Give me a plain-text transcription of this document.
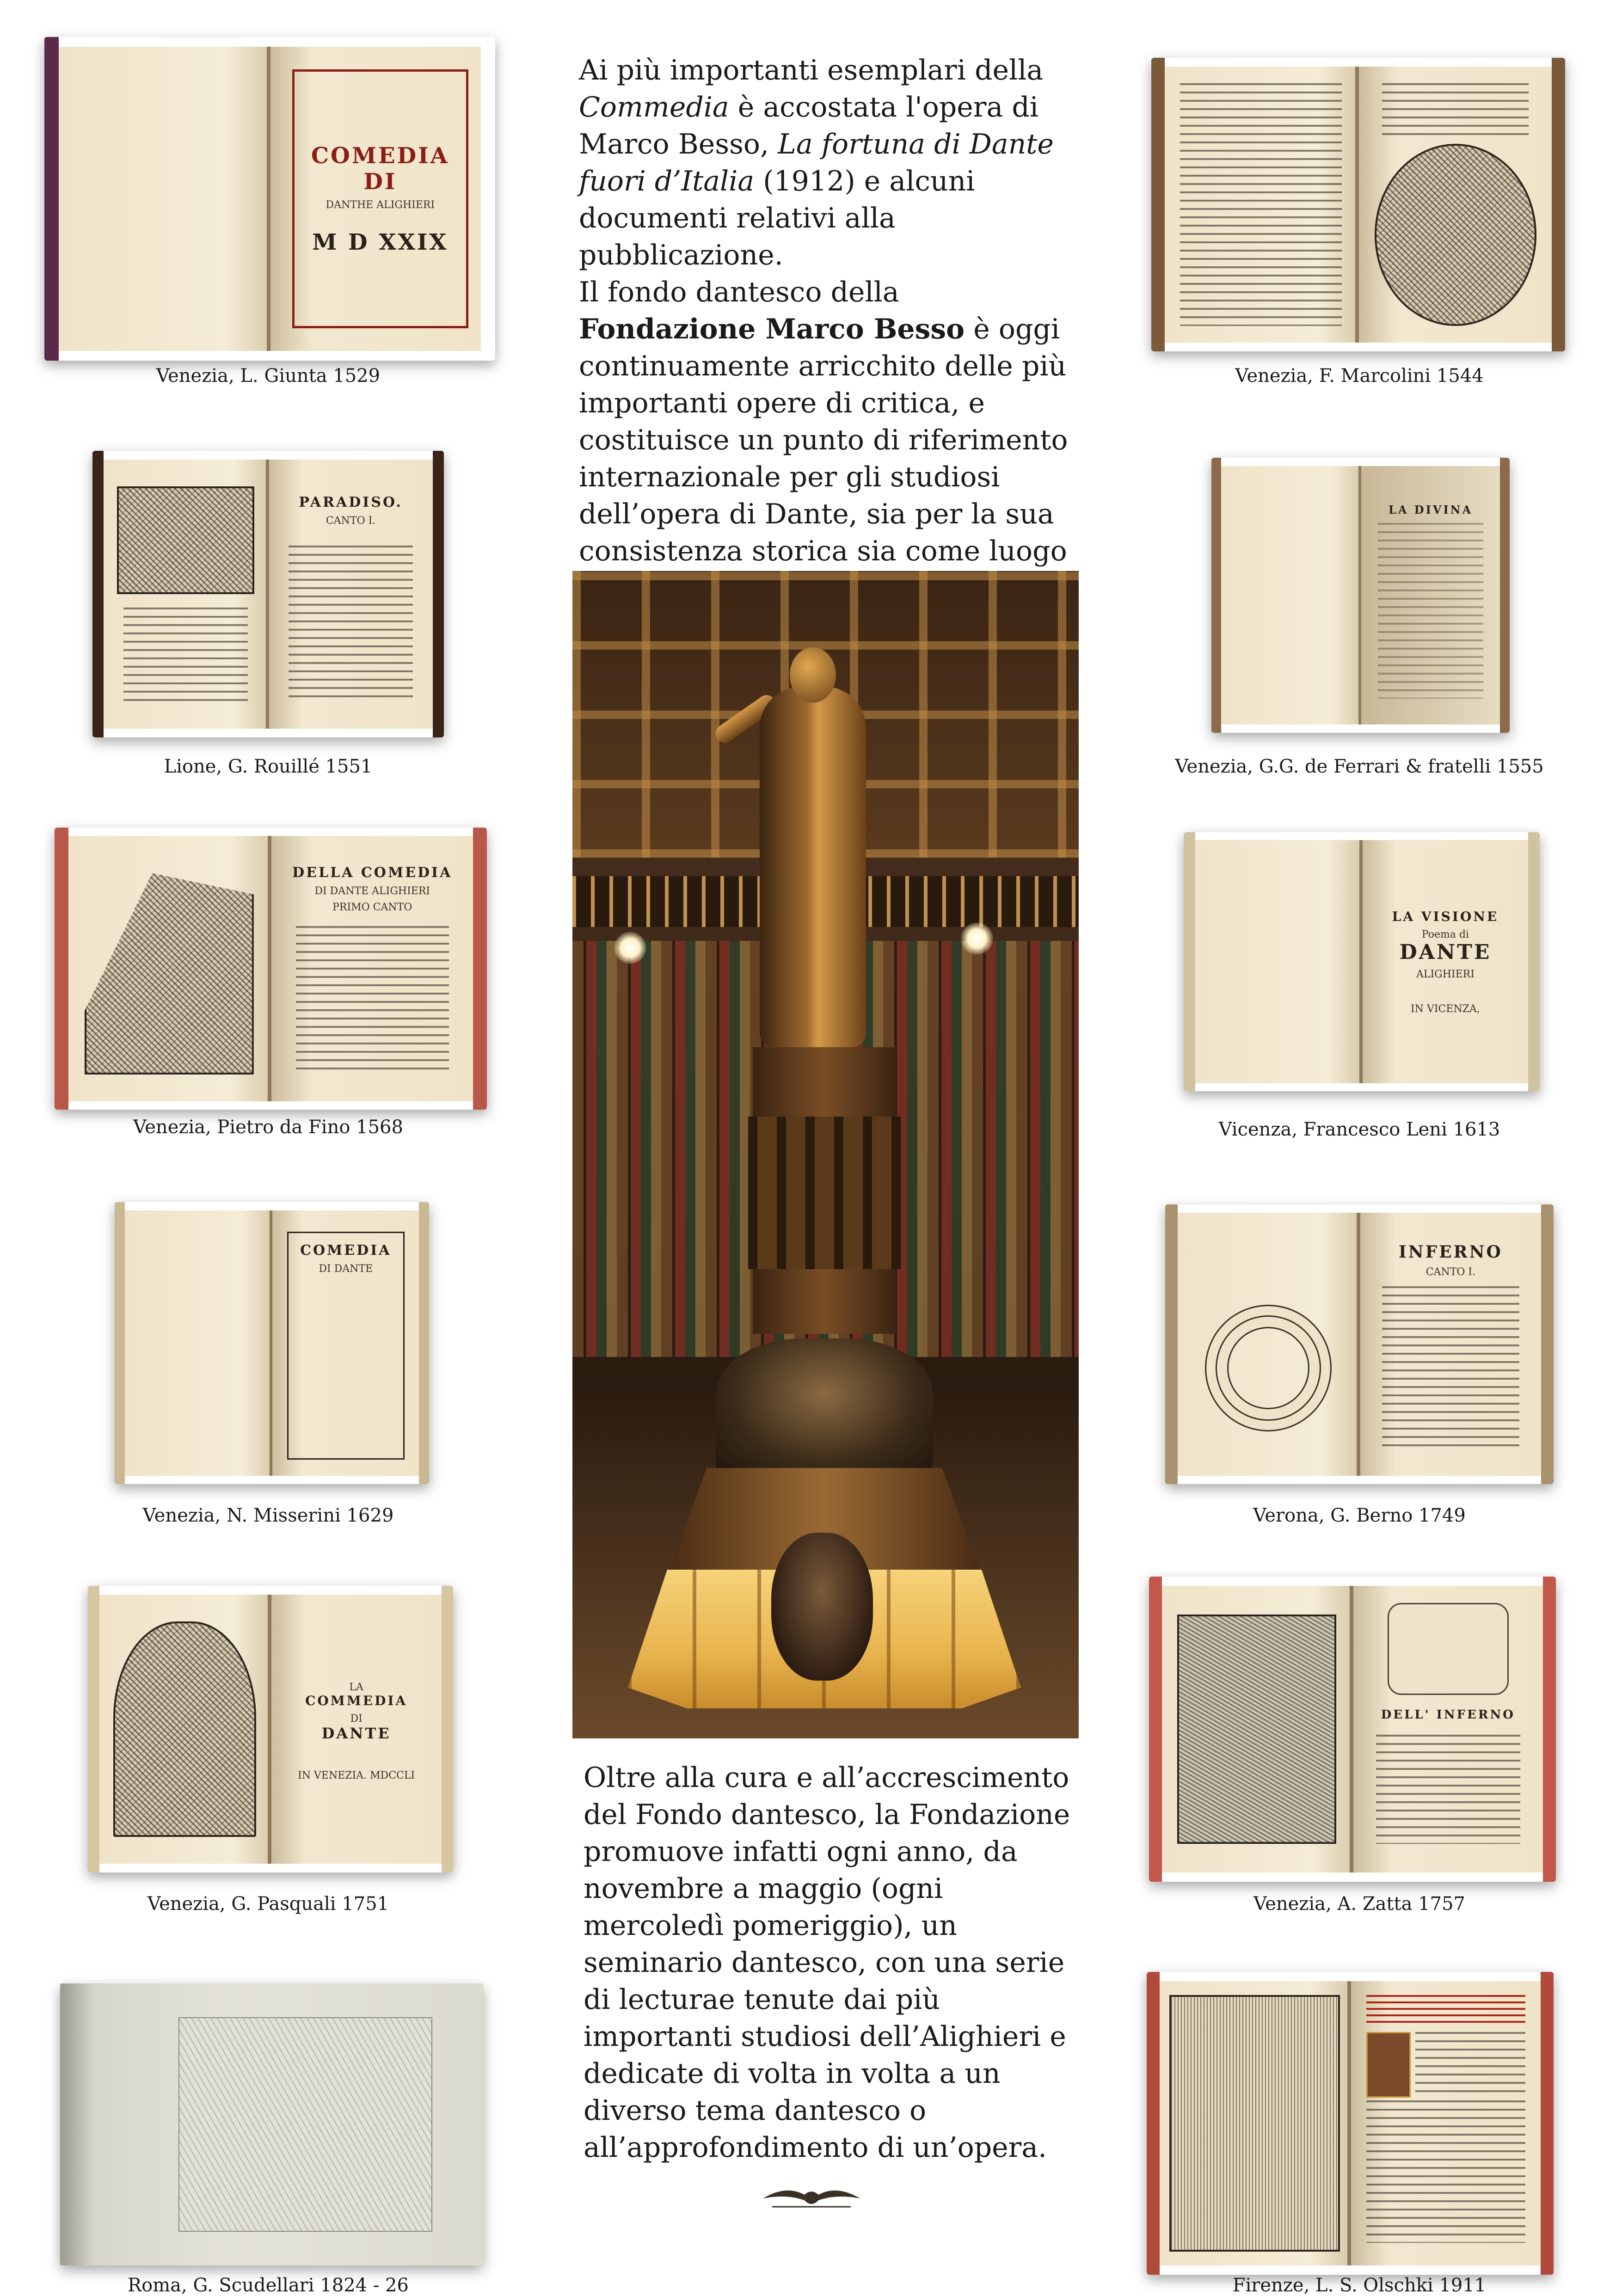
Ai più importanti esemplari della Commedia è accostata l'opera di Marco Besso, La fortuna di Dante fuori d’Italia (1912) e alcuni documenti relativi alla pubblicazione.

Il fondo dantesco della Fondazione Marco Besso è oggi continuamente arricchito delle più importanti opere di critica, e costituisce un punto di riferimento internazionale per gli studiosi dell’opera di Dante, sia per la sua consistenza storica sia come luogo

Oltre alla cura e all’accrescimento del Fondo dantesco, la Fondazione promuove infatti ogni anno, da novembre a maggio (ogni mercoledì pomeriggio), un seminario dantesco, con una serie di lecturae tenute dai più importanti studiosi dell’Alighieri e dedicate di volta in volta a un diverso tema dantesco o all’approfondimento di un’opera.

COMEDIA DI
DANTHE ALIGHIERI
M D XXIX
Venezia, L. Giunta 1529
PARADISO.
CANTO I.
Lione, G. Rouillé 1551
DELLA COMEDIA
DI DANTE ALIGHIERI
PRIMO CANTO
Venezia, Pietro da Fino 1568
COMEDIA
DI DANTE
Venezia, N. Misserini 1629
LA
COMMEDIA
DI
DANTE
IN VENEZIA. MDCCLI
Venezia, G. Pasquali 1751
Roma, G. Scudellari 1824 - 26
Venezia, F. Marcolini 1544
LA DIVINA
Venezia, G.G. de Ferrari & fratelli 1555
LA VISIONE
Poema di
DANTE
ALIGHIERI
IN VICENZA,
Vicenza, Francesco Leni 1613
INFERNO
CANTO I.
Verona, G. Berno 1749
DELL' INFERNO
Venezia, A. Zatta 1757
Firenze, L. S. Olschki 1911
